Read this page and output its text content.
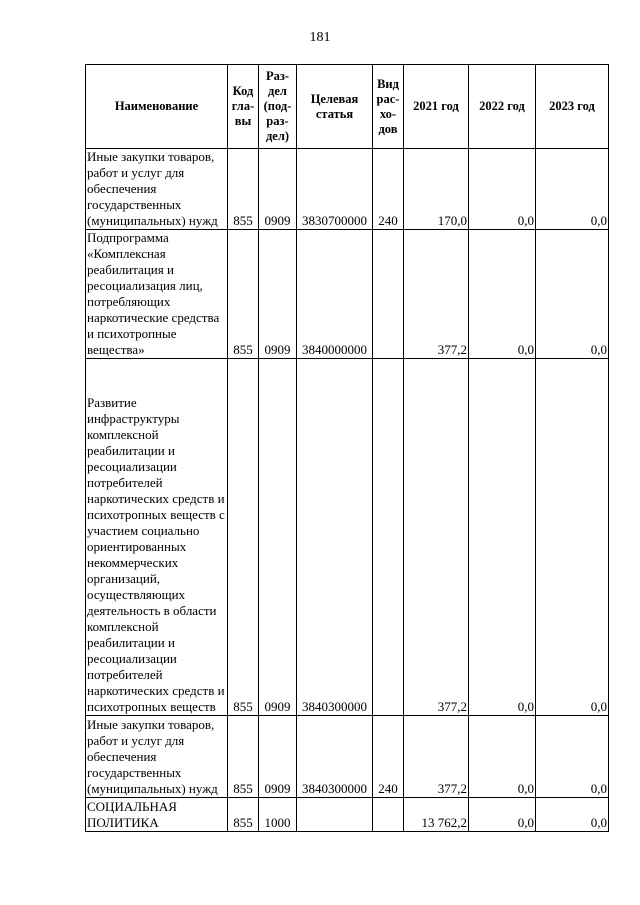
181
Наименование	Код гла- вы	Раз- дел (под- раз- дел)	Целевая статья	Вид рас- хо- дов	2021 год	2022 год	2023 год
Иные закупки товаров, работ и услуг для обеспечения государственных (муниципальных) нужд	855	0909	3830700000	240	170,0	0,0	0,0
Подпрограмма «Комплексная реабилитация и ресоциализация лиц, потребляющих наркотические средства и психотропные вещества»	855	0909	3840000000		377,2	0,0	0,0
Развитие инфраструктуры комплексной реабилитации и ресоциализации потребителей наркотических средств и психотропных веществ с участием социально ориентированных некоммерческих организаций, осуществляющих деятельность в области комплексной реабилитации и ресоциализации потребителей наркотических средств и психотропных веществ	855	0909	3840300000		377,2	0,0	0,0
Иные закупки товаров, работ и услуг для обеспечения государственных (муниципальных) нужд	855	0909	3840300000	240	377,2	0,0	0,0
СОЦИАЛЬНАЯ ПОЛИТИКА	855	1000			13 762,2	0,0	0,0
